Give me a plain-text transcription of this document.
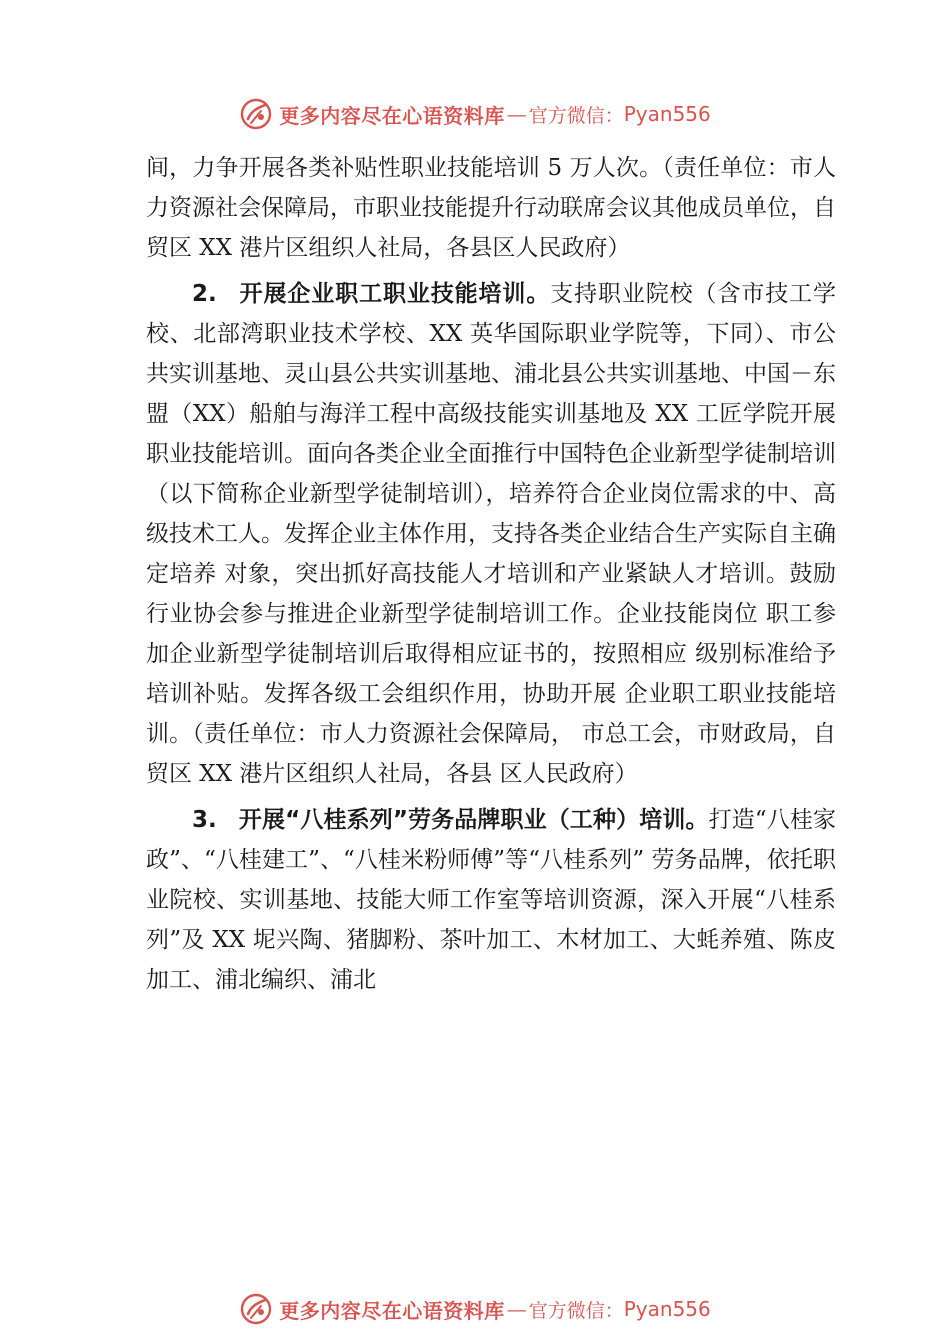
更多内容尽在心语资料库 — 官方微信： Pyan556

间，力争开展各类补贴性职业技能培训 5 万人次。（责任单位：市人力资源社会保障局，市职业技能提升行动联席会议其他成员单位，自贸区 XX 港片区组织人社局，各县区人民政府）

2. 开展企业职工职业技能培训。支持职业院校（含市技工学校、北部湾职业技术学校、XX 英华国际职业学院等，下同）、市公共实训基地、灵山县公共实训基地、浦北县公共实训基地、中国－东盟（XX）船舶与海洋工程中高级技能实训基地及 XX 工匠学院开展职业技能培训。面向各类企业全面推行中国特色企业新型学徒制培训（以下简称企业新型学徒制培训），培养符合企业岗位需求的中、高级技术工人。发挥企业主体作用，支持各类企业结合生产实际自主确定培养 对象，突出抓好高技能人才培训和产业紧缺人才培训。鼓励 行业协会参与推进企业新型学徒制培训工作。企业技能岗位 职工参加企业新型学徒制培训后取得相应证书的，按照相应 级别标准给予培训补贴。发挥各级工会组织作用，协助开展 企业职工职业技能培训。（责任单位：市人力资源社会保障局， 市总工会，市财政局，自贸区 XX 港片区组织人社局，各县 区人民政府）

3. 开展“八桂系列”劳务品牌职业（工种）培训。打造“八桂家政”、“八桂建工”、“八桂米粉师傅”等“八桂系列” 劳务品牌，依托职业院校、实训基地、技能大师工作室等培训资源，深入开展“八桂系列”及 XX 坭兴陶、猪脚粉、茶叶加工、木材加工、大蚝养殖、陈皮加工、浦北编织、浦北

更多内容尽在心语资料库 — 官方微信： Pyan556
